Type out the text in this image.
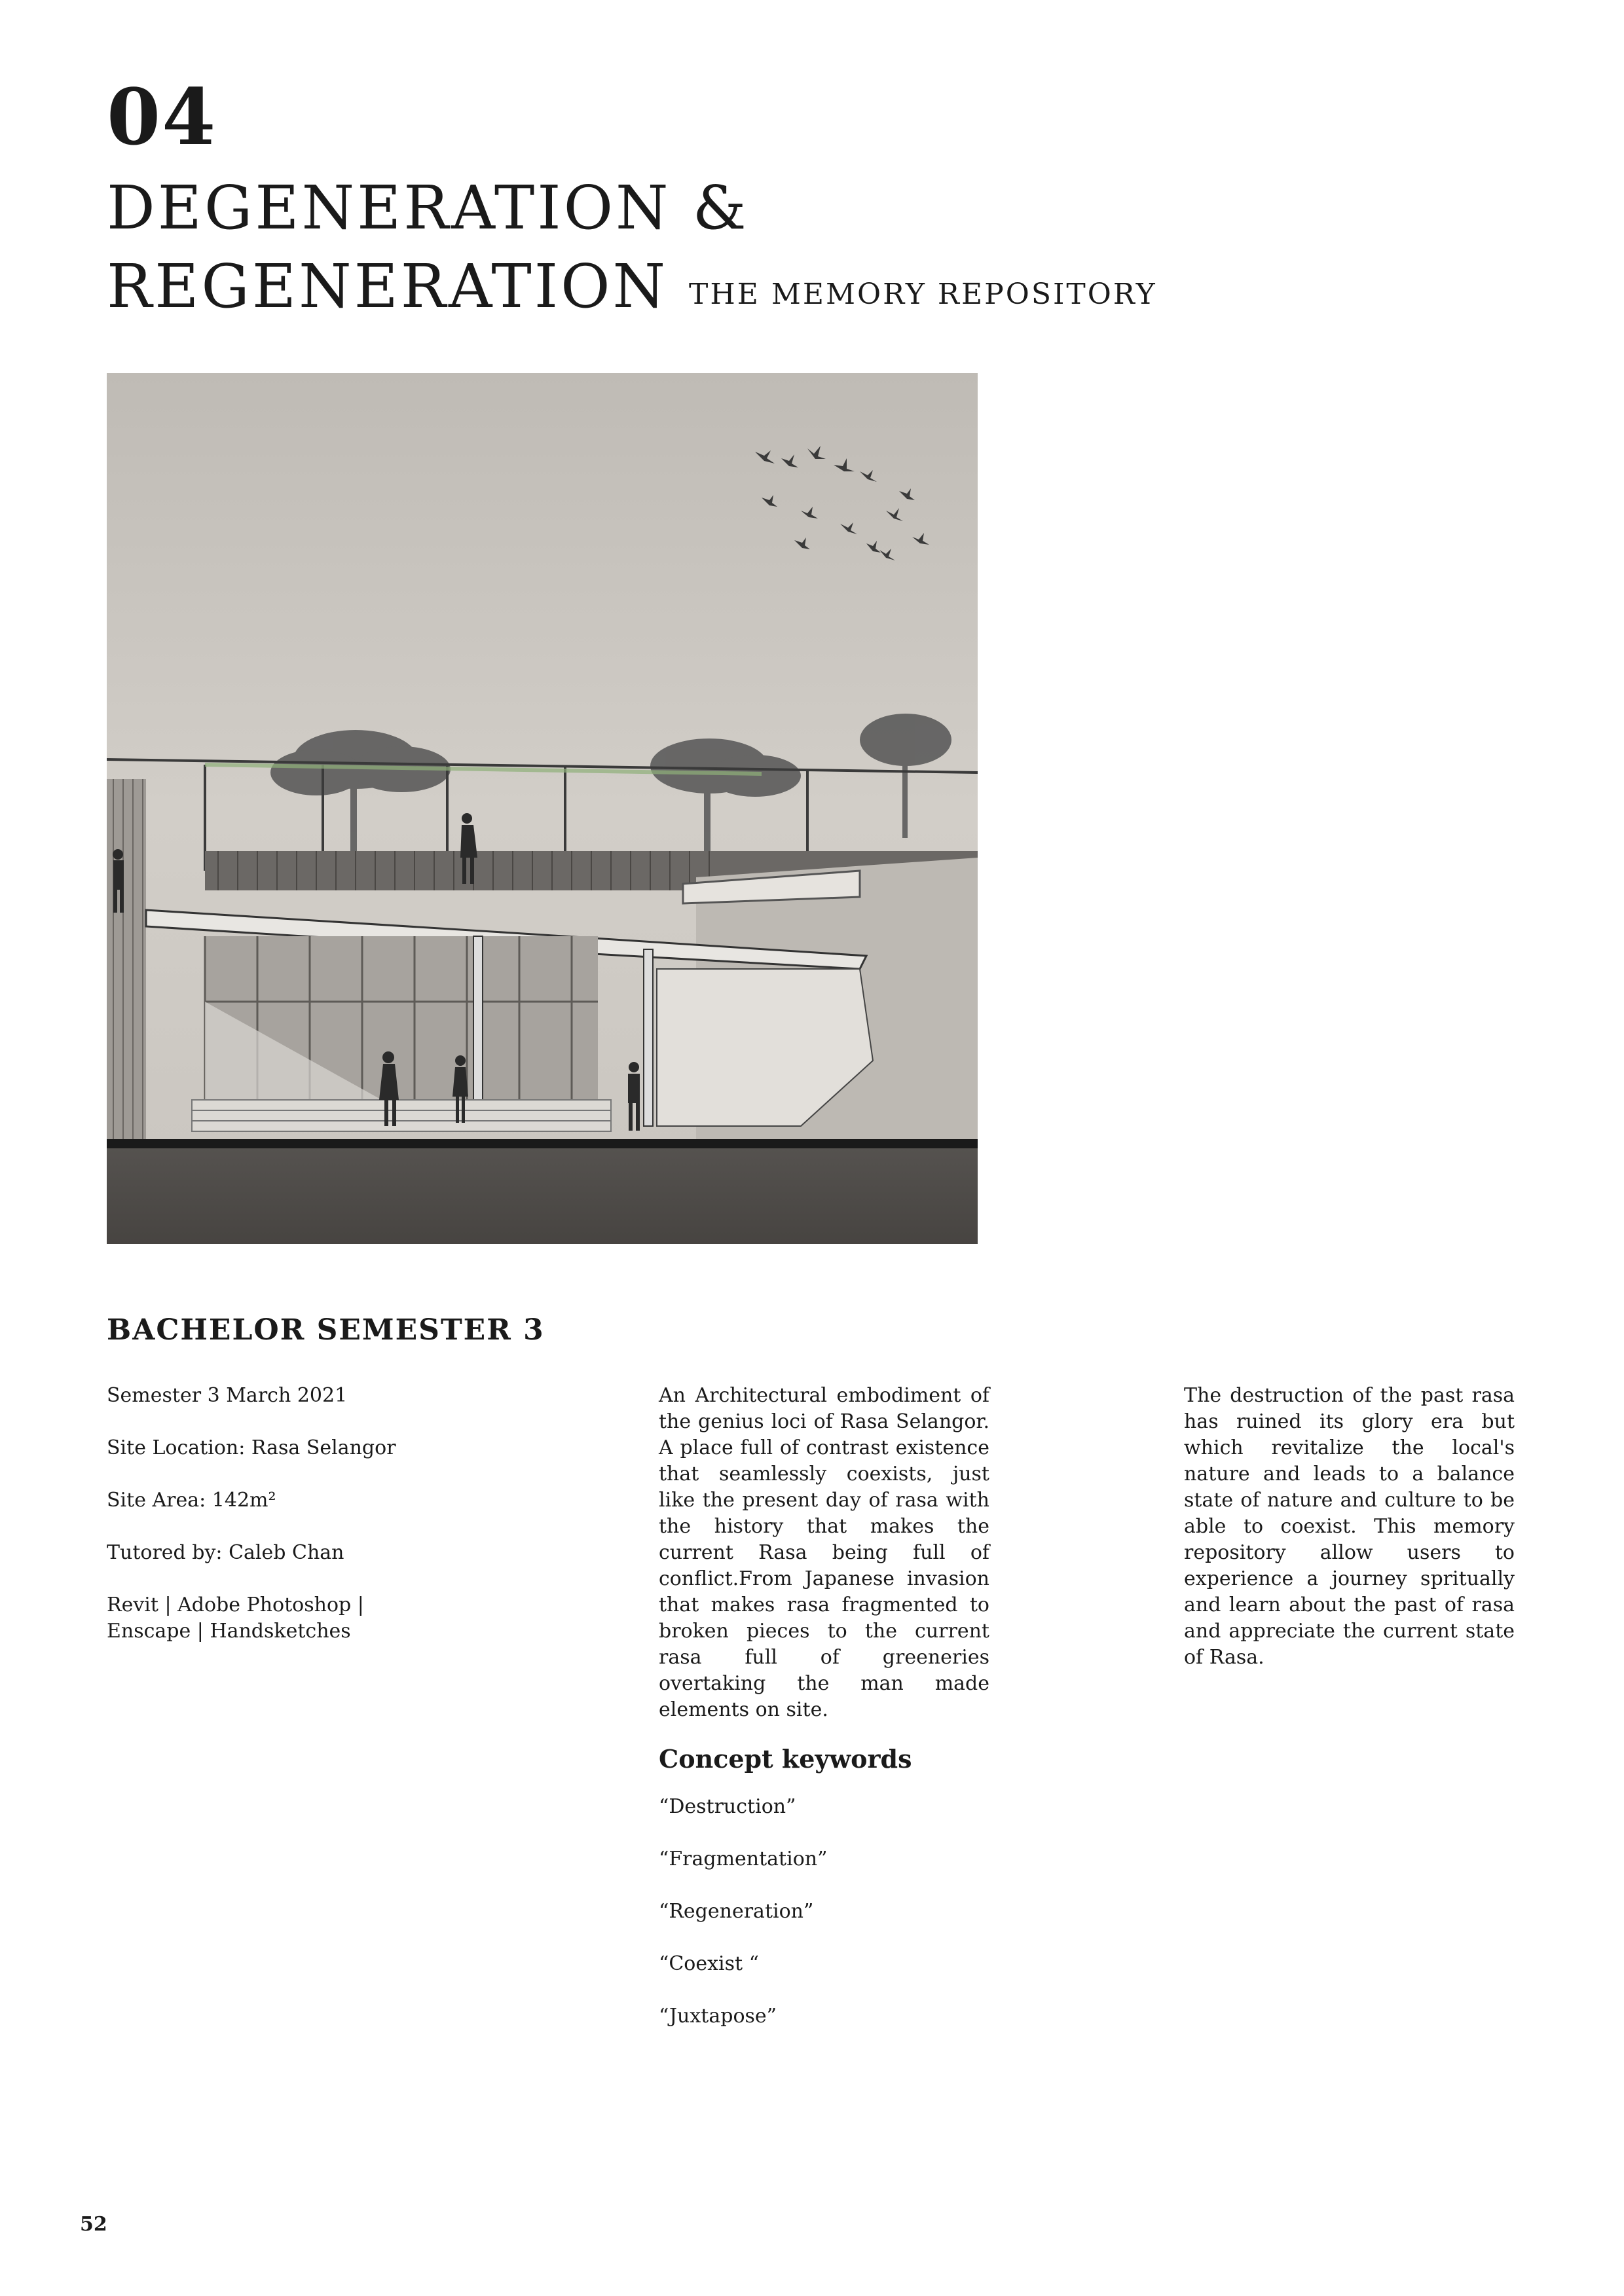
04
DEGENERATION &
REGENERATION THE MEMORY REPOSITORY
BACHELOR SEMESTER 3

Semester 3 March 2021

Site Location: Rasa Selangor

Site Area: 142m²

Tutored by: Caleb Chan

Revit | Adobe Photoshop | Enscape | Handsketches

An Architectural embodiment of the genius loci of Rasa Selangor. A place full of contrast existence that seamlessly coexists, just like the present day of rasa with the history that makes the current Rasa being full of conflict.From Japanese invasion that makes rasa fragmented to broken pieces to the current rasa full of greeneries overtaking the man made elements on site.

The destruction of the past rasa has ruined its glory era but which revitalize the local's nature and leads to a balance state of nature and culture to be able to coexist. This memory repository allow users to experience a journey spritually and learn about the past of rasa and appreciate the current state of Rasa.

Concept keywords
“Destruction”
“Fragmentation”
“Regeneration”
“Coexist “
“Juxtapose”
52
